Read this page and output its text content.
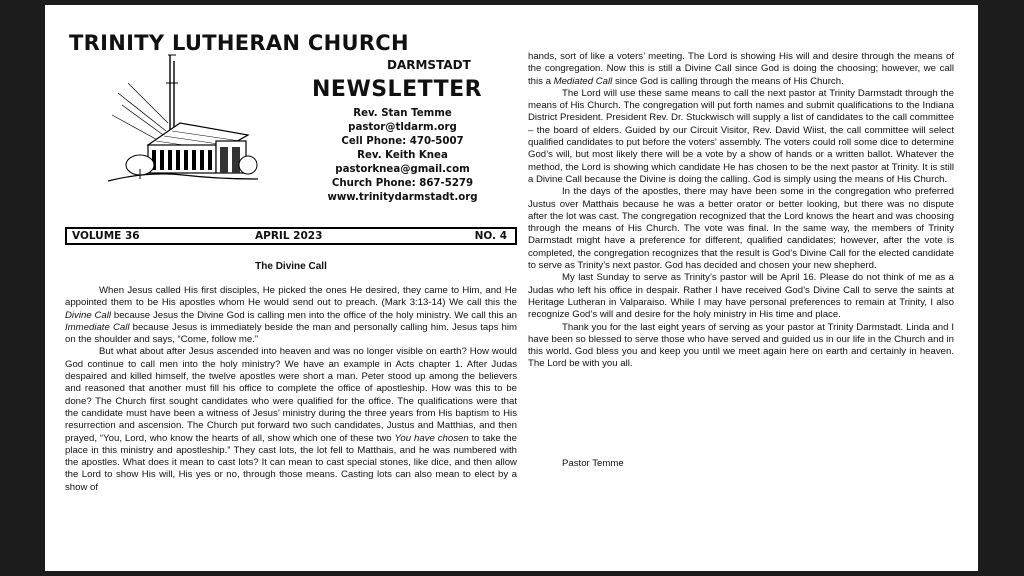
TRINITY LUTHERAN CHURCH
DARMSTADT
NEWSLETTER
Rev. Stan Temme
pastor@tldarm.org
Cell Phone: 470-5007
Rev. Keith Knea
pastorknea@gmail.com
Church Phone: 867-5279
www.trinitydarmstadt.org
VOLUME 36	APRIL 2023	NO. 4
The Divine Call

When Jesus called His first disciples, He picked the ones He desired, they came to Him, and He appointed them to be His apostles whom He would send out to preach. (Mark 3:13-14) We call this the Divine Call because Jesus the Divine God is calling men into the office of the holy ministry. We call this an Immediate Call because Jesus is immediately beside the man and personally calling him. Jesus taps him on the shoulder and says, “Come, follow me.”

But what about after Jesus ascended into heaven and was no longer visible on earth? How would God continue to call men into the holy ministry? We have an example in Acts chapter 1. After Judas despaired and killed himself, the twelve apostles were short a man. Peter stood up among the believers and reasoned that another must fill his office to complete the office of apostleship. How was this to be done? The Church first sought candidates who were qualified for the office. The qualifications were that the candidate must have been a witness of Jesus’ ministry during the three years from His baptism to His resurrection and ascension. The Church put forward two such candidates, Justus and Matthias, and then prayed, “You, Lord, who know the hearts of all, show which one of these two You have chosen to take the place in this ministry and apostleship.” They cast lots, the lot fell to Matthais, and he was numbered with the apostles. What does it mean to cast lots? It can mean to cast special stones, like dice, and then allow the Lord to show His will, His yes or no, through those means. Casting lots can also mean to elect by a show of

hands, sort of like a voters’ meeting. The Lord is showing His will and desire through the means of the congregation. Now this is still a Divine Call since God is doing the choosing; however, we call this a Mediated Call since God is calling through the means of His Church.

The Lord will use these same means to call the next pastor at Trinity Darmstadt through the means of His Church. The congregation will put forth names and submit qualifications to the Indiana District President. President Rev. Dr. Stuckwisch will supply a list of candidates to the call committee – the board of elders. Guided by our Circuit Visitor, Rev. David Wiist, the call committee will select qualified candidates to put before the voters’ assembly. The voters could roll some dice to determine God’s will, but most likely there will be a vote by a show of hands or a written ballot. Whatever the method, the Lord is showing which candidate He has chosen to be the next pastor at Trinity. It is still a Divine Call because the Divine is doing the calling. God is simply using the means of His Church.

In the days of the apostles, there may have been some in the congregation who preferred Justus over Matthais because he was a better orator or better looking, but there was no dispute after the lot was cast. The congregation recognized that the Lord knows the heart and was choosing through the means of His Church. The vote was final. In the same way, the members of Trinity Darmstadt might have a preference for different, qualified candidates; however, after the vote is completed, the congregation recognizes that the result is God’s Divine Call for the elected candidate to serve as Trinity’s next pastor. God has decided and chosen your new shepherd.

My last Sunday to serve as Trinity’s pastor will be April 16. Please do not think of me as a Judas who left his office in despair. Rather I have received God’s Divine Call to serve the saints at Heritage Lutheran in Valparaiso. While I may have personal preferences to remain at Trinity, I also recognize God’s will and desire for the holy ministry in His time and place.

Thank you for the last eight years of serving as your pastor at Trinity Darmstadt. Linda and I have been so blessed to serve those who have served and guided us in our life in the Church and in this world. God bless you and keep you until we meet again here on earth and certainly in heaven. The Lord be with you all.

Pastor Temme
